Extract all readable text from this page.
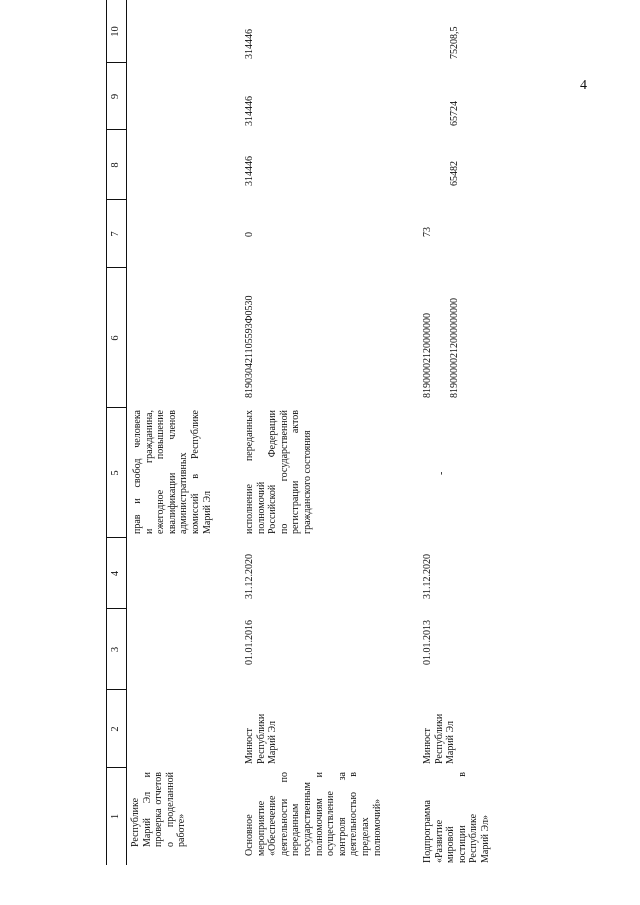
4
1
2
3
4
5
6
7
8
9
10
Республике Марий Эл и проверка отчетов о проделанной работе»
прав и свобод человека и гражданина, ежегодное повышение квалификации членов административных комиссий в Республике Марий Эл
Основное мероприятие «Обеспечение деятельности по переданным государственным полномочиям и осуществление контроля за деятельностью в пределах полномочий»
Минюст Республики Марий Эл
01.01.2016
31.12.2020
исполнение переданных полномочий Российской Федерации по государственной регистрации актов гражданского состояния
819030421105593Ф0530
0
314446
314446
314446
Подпрограмма «Развитие мировой юстиции в Республике Марий Эл»
Минюст Республики Марий Эл
01.01.2013
31.12.2020
-
81900002120000000 81900000212000000000
73
65482
65724
75208,5
